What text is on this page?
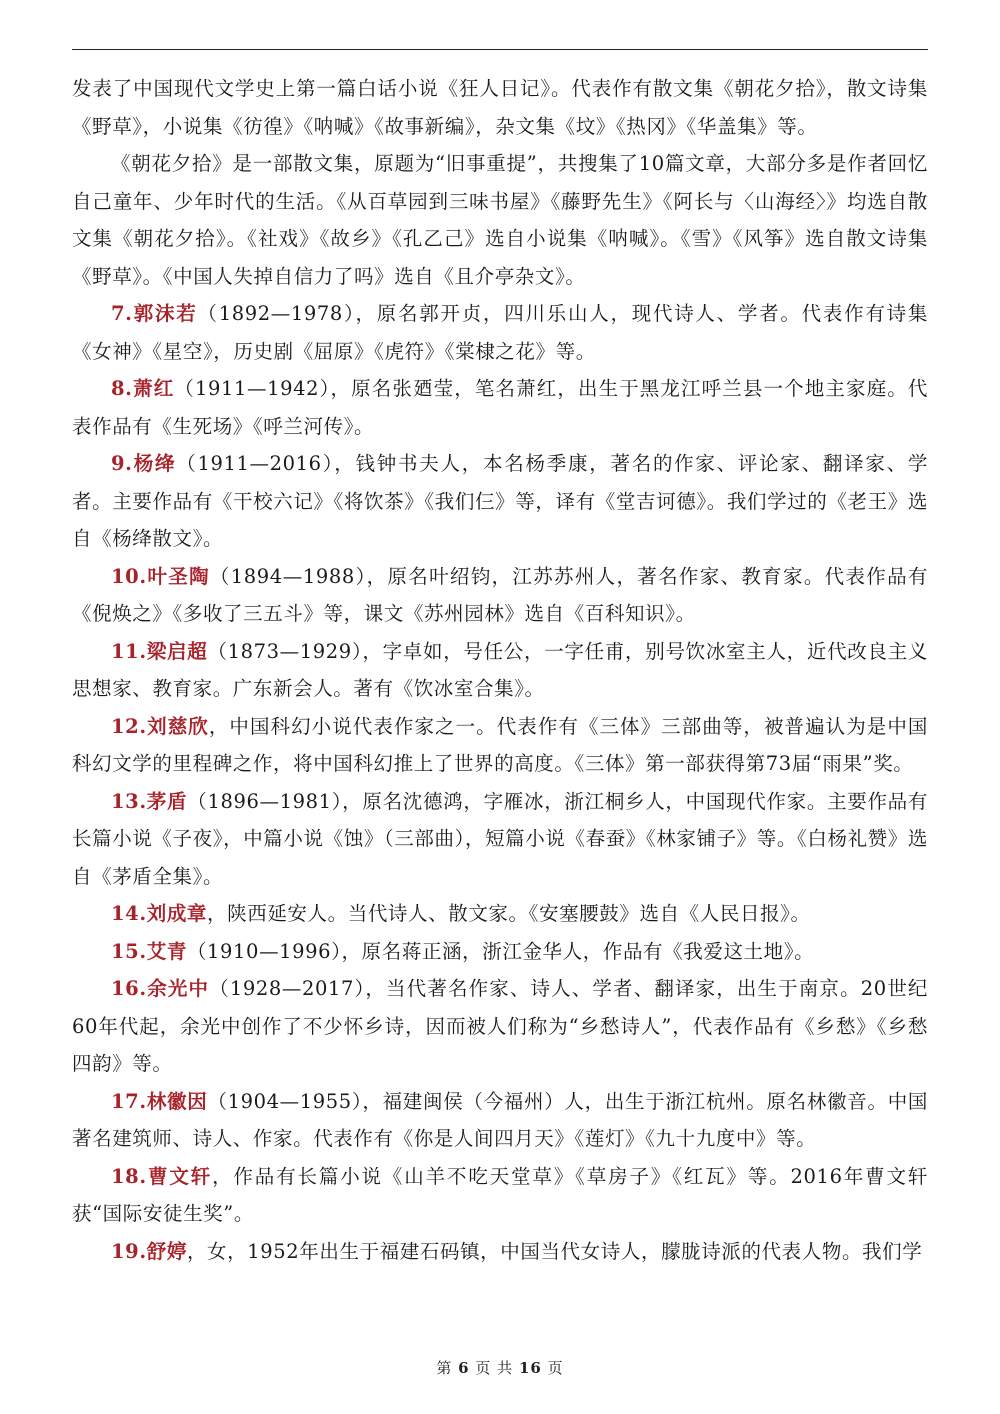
发表了中国现代文学史上第一篇白话小说《狂人日记》。代表作有散文集《朝花夕拾》，散文诗集《野草》，小说集《彷徨》《呐喊》《故事新编》，杂文集《坟》《热冈》《华盖集》等。

《朝花夕拾》是一部散文集，原题为“旧事重提”，共搜集了10篇文章，大部分多是作者回忆自己童年、少年时代的生活。《从百草园到三味书屋》《藤野先生》《阿长与〈山海经〉》均选自散文集《朝花夕拾》。《社戏》《故乡》《孔乙己》选自小说集《呐喊》。《雪》《风筝》选自散文诗集《野草》。《中国人失掉自信力了吗》选自《且介亭杂文》。

7.郭沫若（1892—1978），原名郭开贞，四川乐山人，现代诗人、学者。代表作有诗集《女神》《星空》，历史剧《屈原》《虎符》《棠棣之花》等。

8.萧红（1911—1942），原名张廼莹，笔名萧红，出生于黑龙江呼兰县一个地主家庭。代表作品有《生死场》《呼兰河传》。

9.杨绛（1911—2016），钱钟书夫人，本名杨季康，著名的作家、评论家、翻译家、学者。主要作品有《干校六记》《将饮茶》《我们仨》等，译有《堂吉诃德》。我们学过的《老王》选自《杨绛散文》。

10.叶圣陶（1894—1988），原名叶绍钧，江苏苏州人，著名作家、教育家。代表作品有《倪焕之》《多收了三五斗》等，课文《苏州园林》选自《百科知识》。

11.梁启超（1873—1929），字卓如，号任公，一字任甫，别号饮冰室主人，近代改良主义思想家、教育家。广东新会人。著有《饮冰室合集》。

12.刘慈欣，中国科幻小说代表作家之一。代表作有《三体》三部曲等，被普遍认为是中国科幻文学的里程碑之作，将中国科幻推上了世界的高度。《三体》第一部获得第73届“雨果”奖。

13.茅盾（1896—1981），原名沈德鸿，字雁冰，浙江桐乡人，中国现代作家。主要作品有长篇小说《子夜》，中篇小说《蚀》（三部曲），短篇小说《春蚕》《林家铺子》等。《白杨礼赞》选自《茅盾全集》。

14.刘成章，陕西延安人。当代诗人、散文家。《安塞腰鼓》选自《人民日报》。

15.艾青（1910—1996），原名蒋正涵，浙江金华人，作品有《我爱这土地》。

16.余光中（1928—2017），当代著名作家、诗人、学者、翻译家，出生于南京。20世纪60年代起，余光中创作了不少怀乡诗，因而被人们称为“乡愁诗人”，代表作品有《乡愁》《乡愁四韵》等。

17.林徽因（1904—1955），福建闽侯（今福州）人，出生于浙江杭州。原名林徽音。中国著名建筑师、诗人、作家。代表作有《你是人间四月天》《莲灯》《九十九度中》等。

18.曹文轩，作品有长篇小说《山羊不吃天堂草》《草房子》《红瓦》等。2016年曹文轩获“国际安徒生奖”。

19.舒婷，女，1952年出生于福建石码镇，中国当代女诗人，朦胧诗派的代表人物。我们学

第 6 页 共 16 页
